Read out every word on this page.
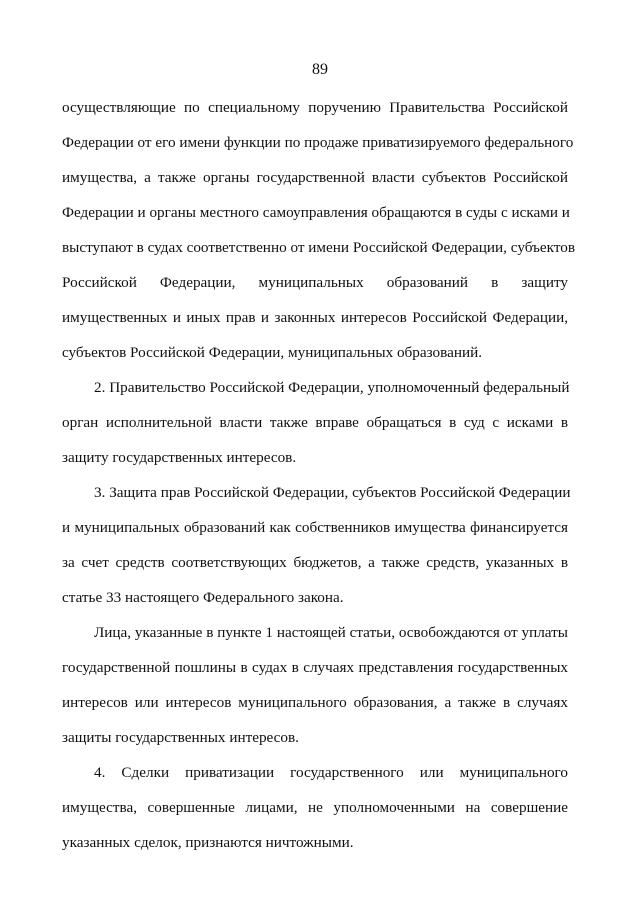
89
осуществляющие по специальному поручению Правительства Российской
Федерации от его имени функции по продаже приватизируемого федерального
имущества, а также органы государственной власти субъектов Российской
Федерации и органы местного самоуправления обращаются в суды с исками и
выступают в судах соответственно от имени Российской Федерации, субъектов
Российской Федерации, муниципальных образований в защиту
имущественных и иных прав и законных интересов Российской Федерации,
субъектов Российской Федерации, муниципальных образований.
2. Правительство Российской Федерации, уполномоченный федеральный
орган исполнительной власти также вправе обращаться в суд с исками в
защиту государственных интересов.
3. Защита прав Российской Федерации, субъектов Российской Федерации
и муниципальных образований как собственников имущества финансируется
за счет средств соответствующих бюджетов, а также средств, указанных в
статье 33 настоящего Федерального закона.
Лица, указанные в пункте 1 настоящей статьи, освобождаются от уплаты
государственной пошлины в судах в случаях представления государственных
интересов или интересов муниципального образования, а также в случаях
защиты государственных интересов.
4. Сделки приватизации государственного или муниципального
имущества, совершенные лицами, не уполномоченными на совершение
указанных сделок, признаются ничтожными.
